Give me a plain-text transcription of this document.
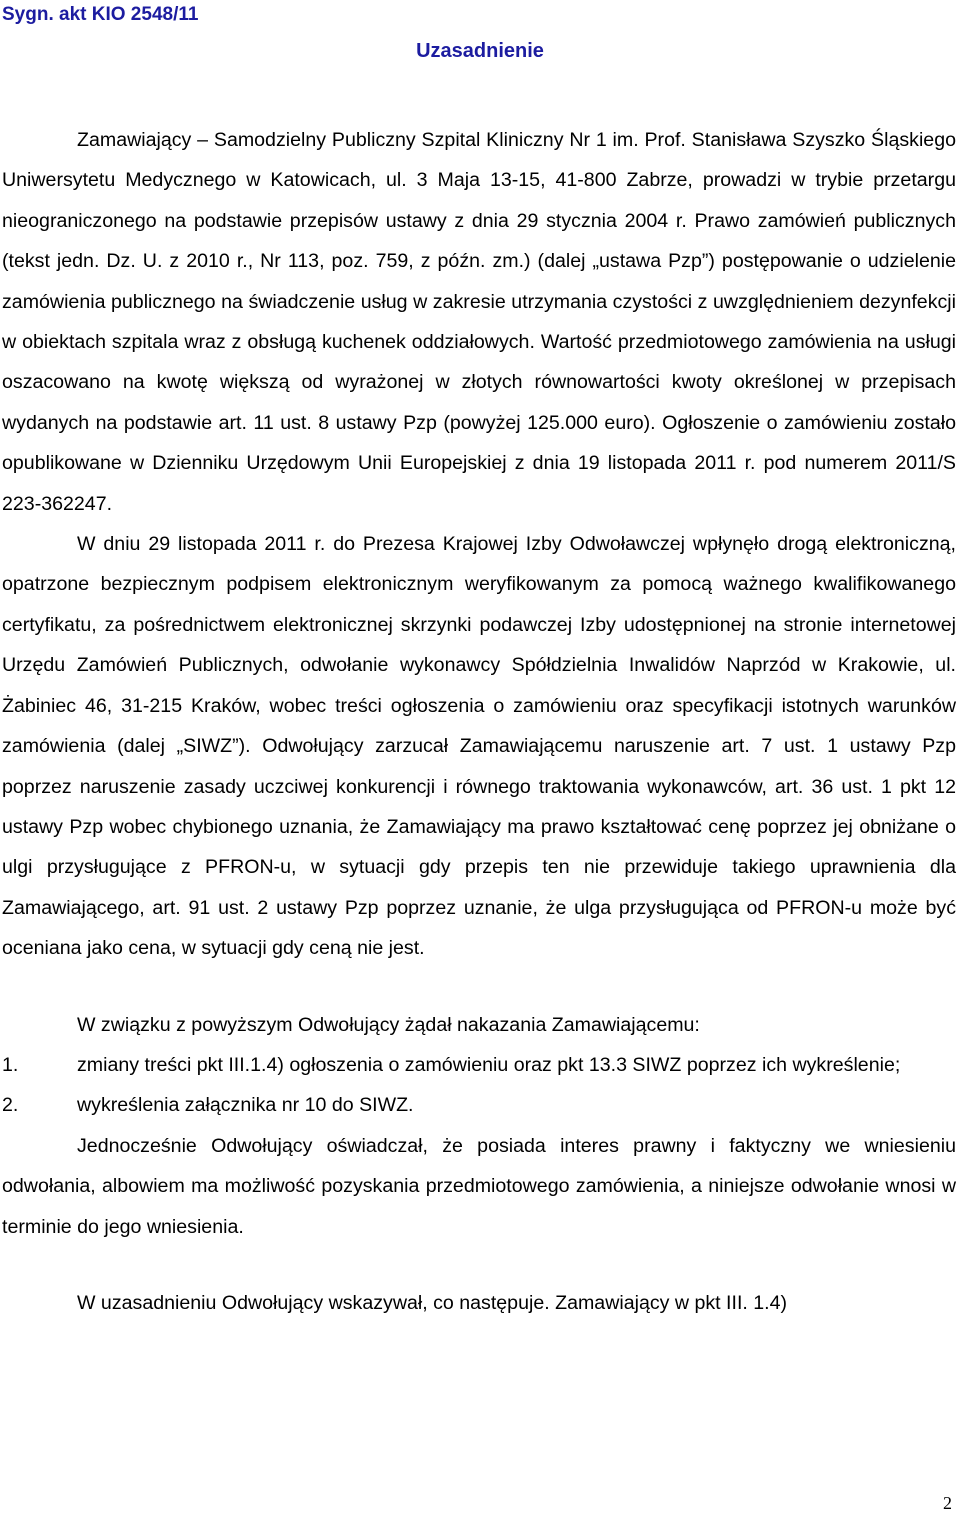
Sygn. akt KIO 2548/11
Uzasadnienie

Zamawiający – Samodzielny Publiczny Szpital Kliniczny Nr 1 im. Prof. Stanisława Szyszko Śląskiego Uniwersytetu Medycznego w Katowicach, ul. 3 Maja 13-15, 41-800 Zabrze, prowadzi w trybie przetargu nieograniczonego na podstawie przepisów ustawy z dnia 29 stycznia 2004 r. Prawo zamówień publicznych (tekst jedn. Dz. U. z 2010 r., Nr 113, poz. 759, z późn. zm.) (dalej „ustawa Pzp”) postępowanie o udzielenie zamówienia publicznego na świadczenie usług w zakresie utrzymania czystości z uwzględnieniem dezynfekcji w obiektach szpitala wraz z obsługą kuchenek oddziałowych. Wartość przedmiotowego zamówienia na usługi oszacowano na kwotę większą od wyrażonej w złotych równowartości kwoty określonej w przepisach wydanych na podstawie art. 11 ust. 8 ustawy Pzp (powyżej 125.000 euro). Ogłoszenie o zamówieniu zostało opublikowane w Dzienniku Urzędowym Unii Europejskiej z dnia 19 listopada 2011 r. pod numerem 2011/S 223-362247.

W dniu 29 listopada 2011 r. do Prezesa Krajowej Izby Odwoławczej wpłynęło drogą elektroniczną, opatrzone bezpiecznym podpisem elektronicznym weryfikowanym za pomocą ważnego kwalifikowanego certyfikatu, za pośrednictwem elektronicznej skrzynki podawczej Izby udostępnionej na stronie internetowej Urzędu Zamówień Publicznych, odwołanie wykonawcy Spółdzielnia Inwalidów Naprzód w Krakowie, ul. Żabiniec 46, 31-215 Kraków, wobec treści ogłoszenia o zamówieniu oraz specyfikacji istotnych warunków zamówienia (dalej „SIWZ”). Odwołujący zarzucał Zamawiającemu naruszenie art. 7 ust. 1 ustawy Pzp poprzez naruszenie zasady uczciwej konkurencji i równego traktowania wykonawców, art. 36 ust. 1 pkt 12 ustawy Pzp wobec chybionego uznania, że Zamawiający ma prawo kształtować cenę poprzez jej obniżane o ulgi przysługujące z PFRON-u, w sytuacji gdy przepis ten nie przewiduje takiego uprawnienia dla Zamawiającego, art. 91 ust. 2 ustawy Pzp poprzez uznanie, że ulga przysługująca od PFRON-u może być oceniana jako cena, w sytuacji gdy ceną nie jest.

W związku z powyższym Odwołujący żądał nakazania Zamawiającemu:

1.	zmiany treści pkt III.1.4) ogłoszenia o zamówieniu oraz pkt 13.3 SIWZ poprzez ich wykreślenie;

2.	wykreślenia załącznika nr 10 do SIWZ.

Jednocześnie Odwołujący oświadczał, że posiada interes prawny i faktyczny we wniesieniu odwołania, albowiem ma możliwość pozyskania przedmiotowego zamówienia, a niniejsze odwołanie wnosi w terminie do jego wniesienia.

W uzasadnieniu Odwołujący wskazywał, co następuje. Zamawiający w pkt III. 1.4)

2
